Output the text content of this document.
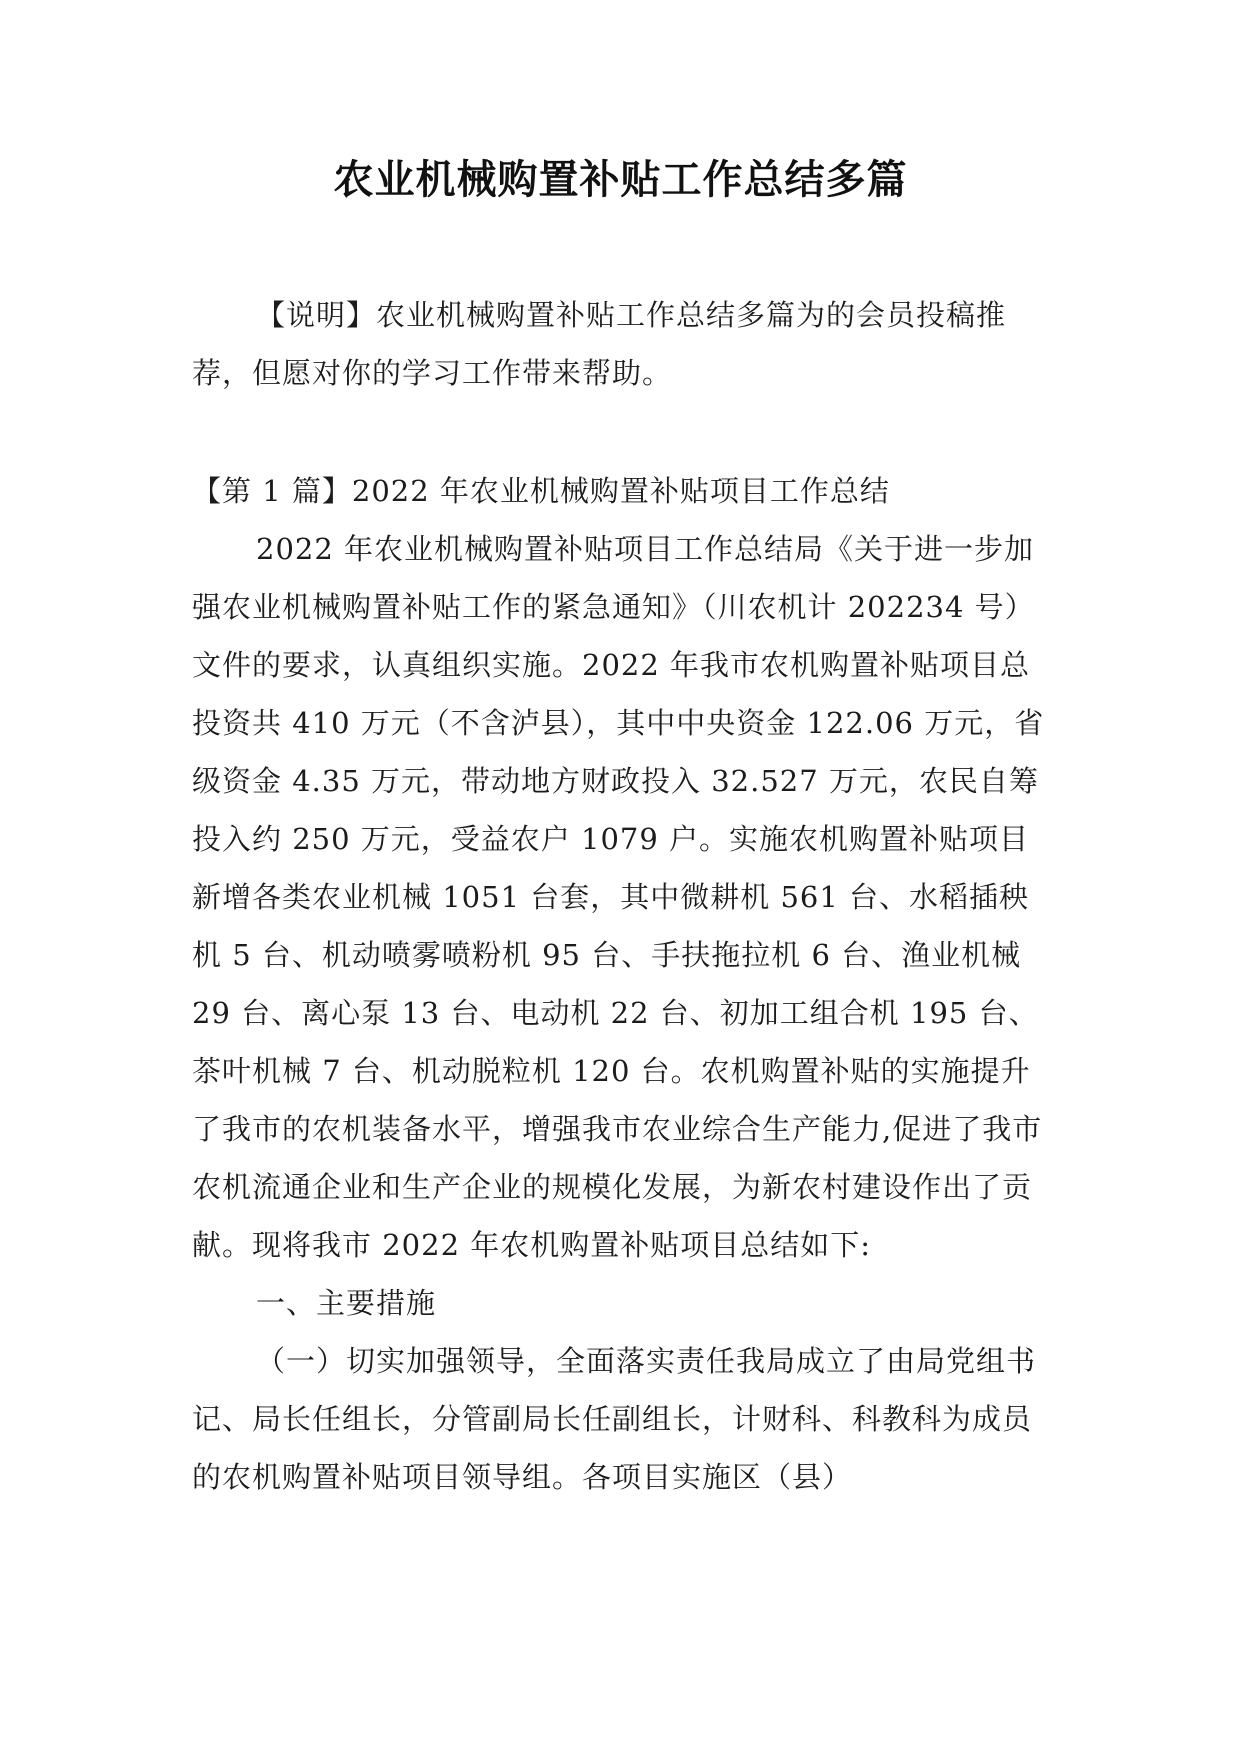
农业机械购置补贴工作总结多篇
【说明】农业机械购置补贴工作总结多篇为的会员投稿推荐，但愿对你的学习工作带来帮助。
【第 1 篇】2022 年农业机械购置补贴项目工作总结

2022 年农业机械购置补贴项目工作总结局《关于进一步加强农业机械购置补贴工作的紧急通知》（川农机计 202234 号）文件的要求，认真组织实施。2022 年我市农机购置补贴项目总投资共 410 万元（不含泸县），其中中央资金 122.06 万元，省级资金 4.35 万元，带动地方财政投入 32.527 万元，农民自筹投入约 250 万元，受益农户 1079 户。实施农机购置补贴项目新增各类农业机械 1051 台套，其中微耕机 561 台、水稻插秧机 5 台、机动喷雾喷粉机 95 台、手扶拖拉机 6 台、渔业机械 29 台、离心泵 13 台、电动机 22 台、初加工组合机 195 台、茶叶机械 7 台、机动脱粒机 120 台。农机购置补贴的实施提升了我市的农机装备水平，增强我市农业综合生产能力,促进了我市农机流通企业和生产企业的规模化发展，为新农村建设作出了贡献。现将我市 2022 年农机购置补贴项目总结如下:

一、主要措施

（一）切实加强领导，全面落实责任我局成立了由局党组书记、局长任组长，分管副局长任副组长，计财科、科教科为成员的农机购置补贴项目领导组。各项目实施区（县）
